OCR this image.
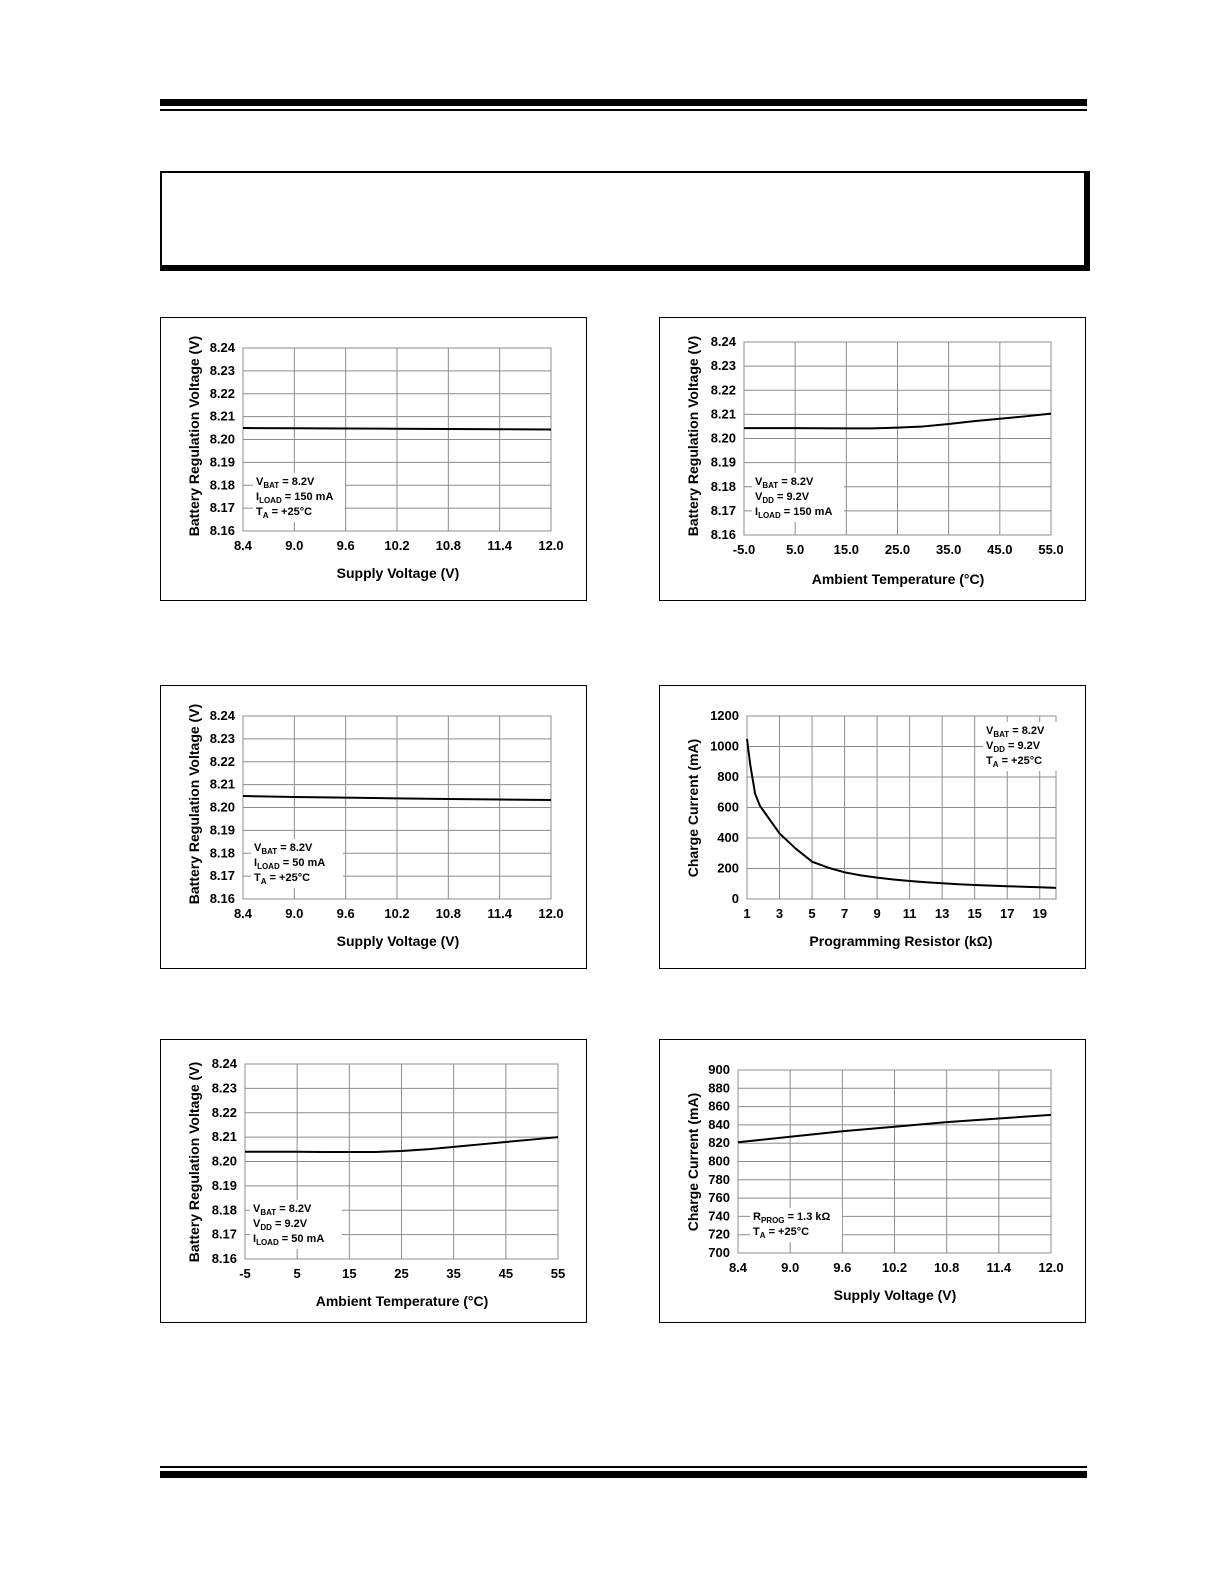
8.16
8.17
8.18
8.19
8.20
8.21
8.22
8.23
8.24
8.4	9.0	9.6 10.2 10.8 11.4 12.0
Supply Voltage (V)
Battery Regulation Voltage (V)	$V_{BAT} = 8.2V$
$I_{LOAD} = 150$ mA
$T_A = +25^\circ C$
8.16
8.17
8.18
8.19
8.20
8.21
8.22
8.23
8.24
-5.0 5.0 15.0 25.0 35.0 45.0 55.0
Ambient Temperature (°C)
Battery Regulation Voltage (V)	$V_{BAT} = 8.2V$
$V_{DD} = 9.2V$
$I_{LOAD} = 150$ mA
8.16
8.17
8.18
8.19
8.20
8.21
8.22
8.23
8.24
8.4	9.0	9.6 10.2 10.8 11.4 12.0
Supply Voltage (V)
Battery Regulation Voltage (V)	$V_{BAT} = 8.2V$
$I_{LOAD} = 50$ mA
$T_A = +25^\circ C$
0
200
400
600
800
1000
1200
1 3 5 7 9 11 13 15 17 19
Programming Resistor (kΩ)
Charge Current (mA)
$V_{BAT} = 8.2V$
$V_{DD} = 9.2V$
$T_A = +25^\circ C$
8.16
8.17
8.18
8.19
8.20
8.21
8.22
8.23
8.24
-5	5	15	25	35	45	55
Ambient Temperature (°C)
Battery Regulation Voltage (V)	$V_{BAT} = 8.2V$
$V_{DD} = 9.2V$
$I_{LOAD} = 50$ mA
700
720
740
760
780
800
820
840
860
880
900
8.4	9.0	9.6 10.2 10.8 11.4 12.0
Supply Voltage (V)
Charge Current (mA)	$R_{PROG} = 1.3$ kΩ
$T_A = +25^\circ C$
